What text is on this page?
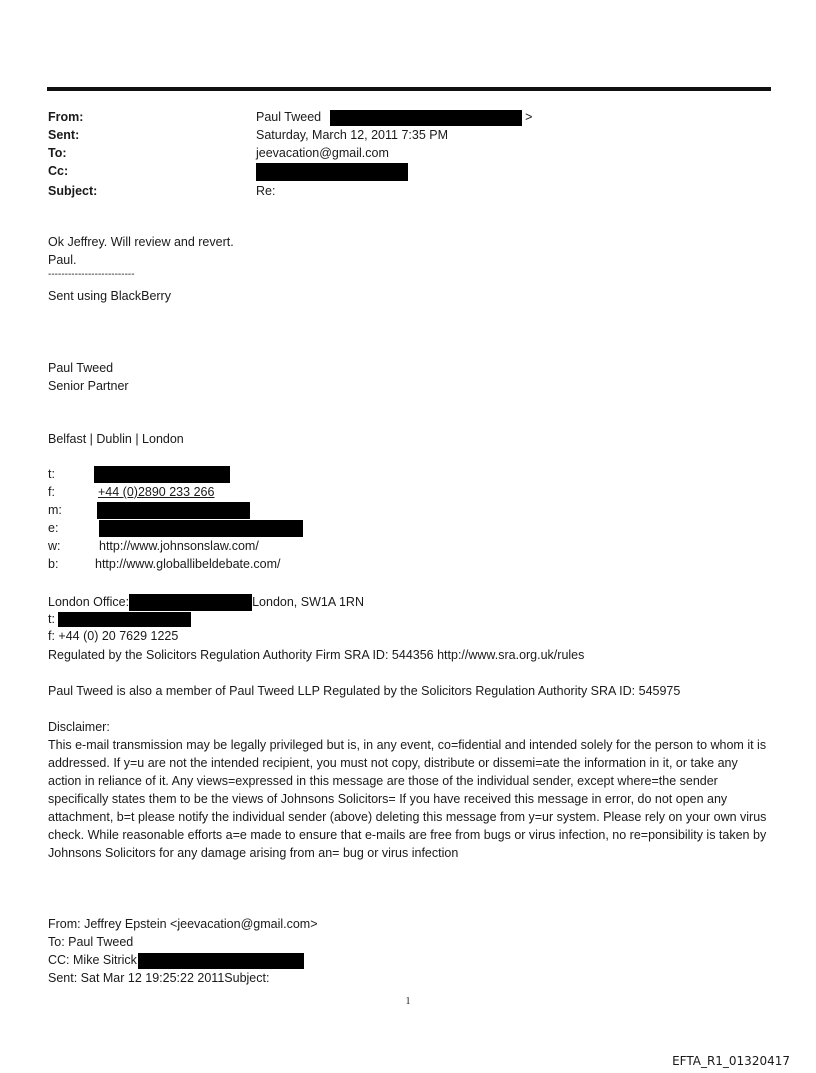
From:	Paul Tweed	>
Sent:	Saturday, March 12, 2011 7:35 PM
To:	jeevacation@gmail.com
Cc:
Subject:	Re:
Ok Jeffrey. Will review and revert.
Paul.
--------------------------
Sent using BlackBerry
Paul Tweed
Senior Partner
Belfast | Dublin | London
t:
f:	+44 (0)2890 233 266
m:
e:
w:	http://www.johnsonslaw.com/
b:	http://www.globallibeldebate.com/
London Office:	London, SW1A 1RN
t:
f: +44 (0) 20 7629 1225
Regulated by the Solicitors Regulation Authority Firm SRA ID: 544356 http://www.sra.org.uk/rules
Paul Tweed is also a member of Paul Tweed LLP Regulated by the Solicitors Regulation Authority SRA ID: 545975
Disclaimer:
This e-mail transmission may be legally privileged but is, in any event, co=fidential and intended solely for the person to whom it is addressed. If y=u are not the intended recipient, you must not copy, distribute or dissemi=ate the information in it, or take any action in reliance of it. Any views=expressed in this message are those of the individual sender, except where=the sender specifically states them to be the views of Johnsons Solicitors= If you have received this message in error, do not open any attachment, b=t please notify the individual sender (above) deleting this message from y=ur system. Please rely on your own virus check. While reasonable efforts a=e made to ensure that e-mails are free from bugs or virus infection, no re=ponsibility is taken by Johnsons Solicitors for any damage arising from an= bug or virus infection
From: Jeffrey Epstein <jeevacation@gmail.com>
To: Paul Tweed
CC: Mike Sitrick
Sent: Sat Mar 12 19:25:22 2011Subject:
1
EFTA_R1_01320417
